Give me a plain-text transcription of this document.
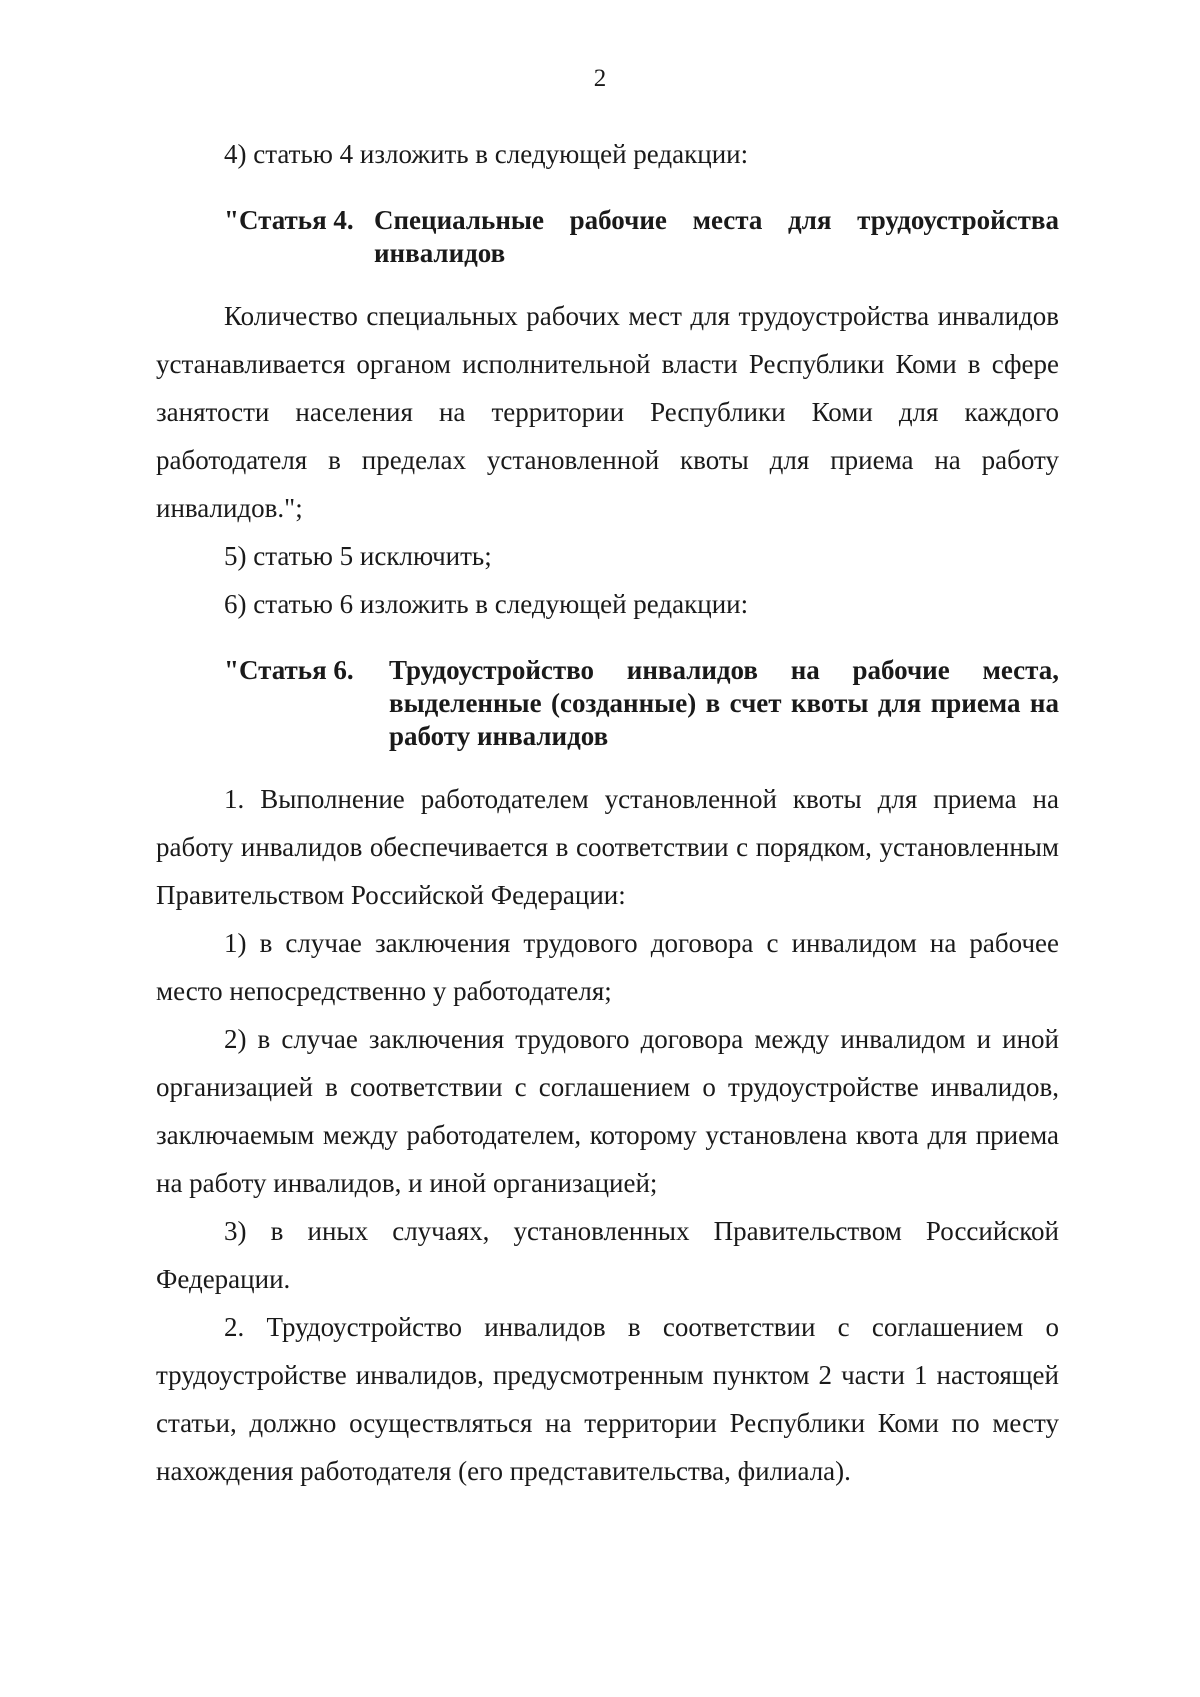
2

4) статью 4 изложить в следующей редакции:

"Статья 4. Специальные рабочие места для трудоустройства инвалидов

Количество специальных рабочих мест для трудоустройства инвалидов устанавливается органом исполнительной власти Республики Коми в сфере занятости населения на территории Республики Коми для каждого работодателя в пределах установленной квоты для приема на работу инвалидов.";

5) статью 5 исключить;

6) статью 6 изложить в следующей редакции:

"Статья 6.	Трудоустройство инвалидов на рабочие места, выделенные (созданные) в счет квоты для приема на работу инвалидов

1. Выполнение работодателем установленной квоты для приема на работу инвалидов обеспечивается в соответствии с порядком, установленным Правительством Российской Федерации:

1) в случае заключения трудового договора с инвалидом на рабочее место непосредственно у работодателя;

2) в случае заключения трудового договора между инвалидом и иной организацией в соответствии с соглашением о трудоустройстве инвалидов, заключаемым между работодателем, которому установлена квота для приема на работу инвалидов, и иной организацией;

3) в иных случаях, установленных Правительством Российской Федерации.

2. Трудоустройство инвалидов в соответствии с соглашением о трудоустройстве инвалидов, предусмотренным пунктом 2 части 1 настоящей статьи, должно осуществляться на территории Республики Коми по месту нахождения работодателя (его представительства, филиала).
